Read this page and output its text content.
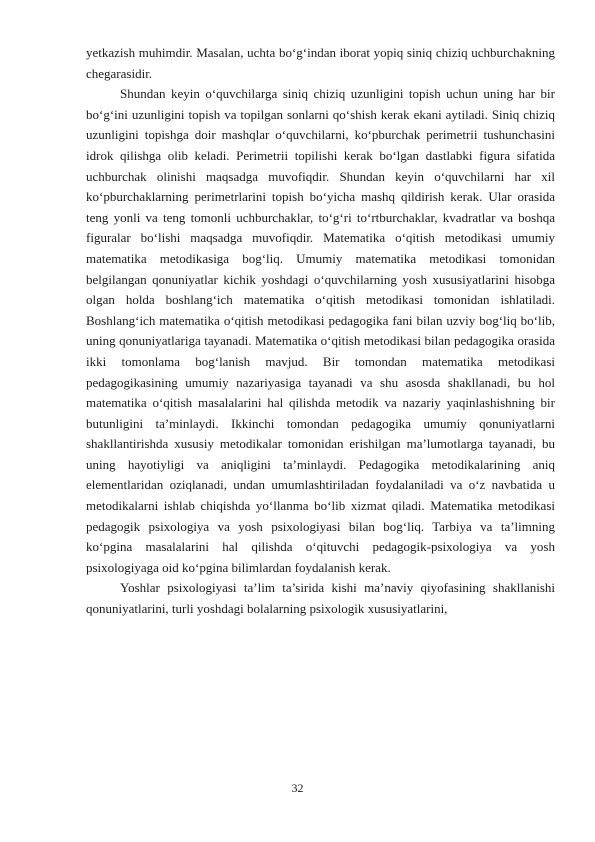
yetkazish muhimdir. Masalan, uchta bo‘g‘indan iborat yopiq siniq chiziq uchburchakning chegarasidir.

Shundan keyin o‘quvchilarga siniq chiziq uzunligini topish uchun uning har bir bo‘g‘ini uzunligini topish va topilgan sonlarni qo‘shish kerak ekani aytiladi. Siniq chiziq uzunligini topishga doir mashqlar o‘quvchilarni, ko‘pburchak perimetrii tushunchasini idrok qilishga olib keladi. Perimetrii topilishi kerak bo‘lgan dastlabki figura sifatida uchburchak olinishi maqsadga muvofiqdir. Shundan keyin o‘quvchilarni har xil ko‘pburchaklarning perimetrlarini topish bo‘yicha mashq qildirish kerak. Ular orasida teng yonli va teng tomonli uchburchaklar, to‘g‘ri to‘rtburchaklar, kvadratlar va boshqa figuralar bo‘lishi maqsadga muvofiqdir. Matematika o‘qitish metodikasi umumiy matematika metodikasiga bog‘liq. Umumiy matematika metodikasi tomonidan belgilangan qonuniyatlar kichik yoshdagi o‘quvchilarning yosh xususiyatlarini hisobga olgan holda boshlang‘ich matematika o‘qitish metodikasi tomonidan ishlatiladi. Boshlang‘ich matematika o‘qitish metodikasi pedagogika fani bilan uzviy bog‘liq bo‘lib, uning qonuniyatlariga tayanadi. Matematika o‘qitish metodikasi bilan pedagogika orasida ikki tomonlama bog‘lanish mavjud. Bir tomondan matematika metodikasi pedagogikasining umumiy nazariyasiga tayanadi va shu asosda shakllanadi, bu hol matematika o‘qitish masalalarini hal qilishda metodik va nazariy yaqinlashishning bir butunligini ta’minlaydi. Ikkinchi tomondan pedagogika umumiy qonuniyatlarni shakllantirishda xususiy metodikalar tomonidan erishilgan ma’lumotlarga tayanadi, bu uning hayotiyligi va aniqligini ta’minlaydi. Pedagogika metodikalarining aniq elementlaridan oziqlanadi, undan umumlashtiriladan foydalaniladi va o‘z navbatida u metodikalarni ishlab chiqishda yo‘llanma bo‘lib xizmat qiladi. Matematika metodikasi pedagogik psixologiya va yosh psixologiyasi bilan bog‘liq. Tarbiya va ta’limning ko‘pgina masalalarini hal qilishda o‘qituvchi pedagogik-psixologiya va yosh psixologiyaga oid ko‘pgina bilimlardan foydalanish kerak.

Yoshlar psixologiyasi ta’lim ta’sirida kishi ma’naviy qiyofasining shakllanishi qonuniyatlarini, turli yoshdagi bolalarning psixologik xususiyatlarini,

32
